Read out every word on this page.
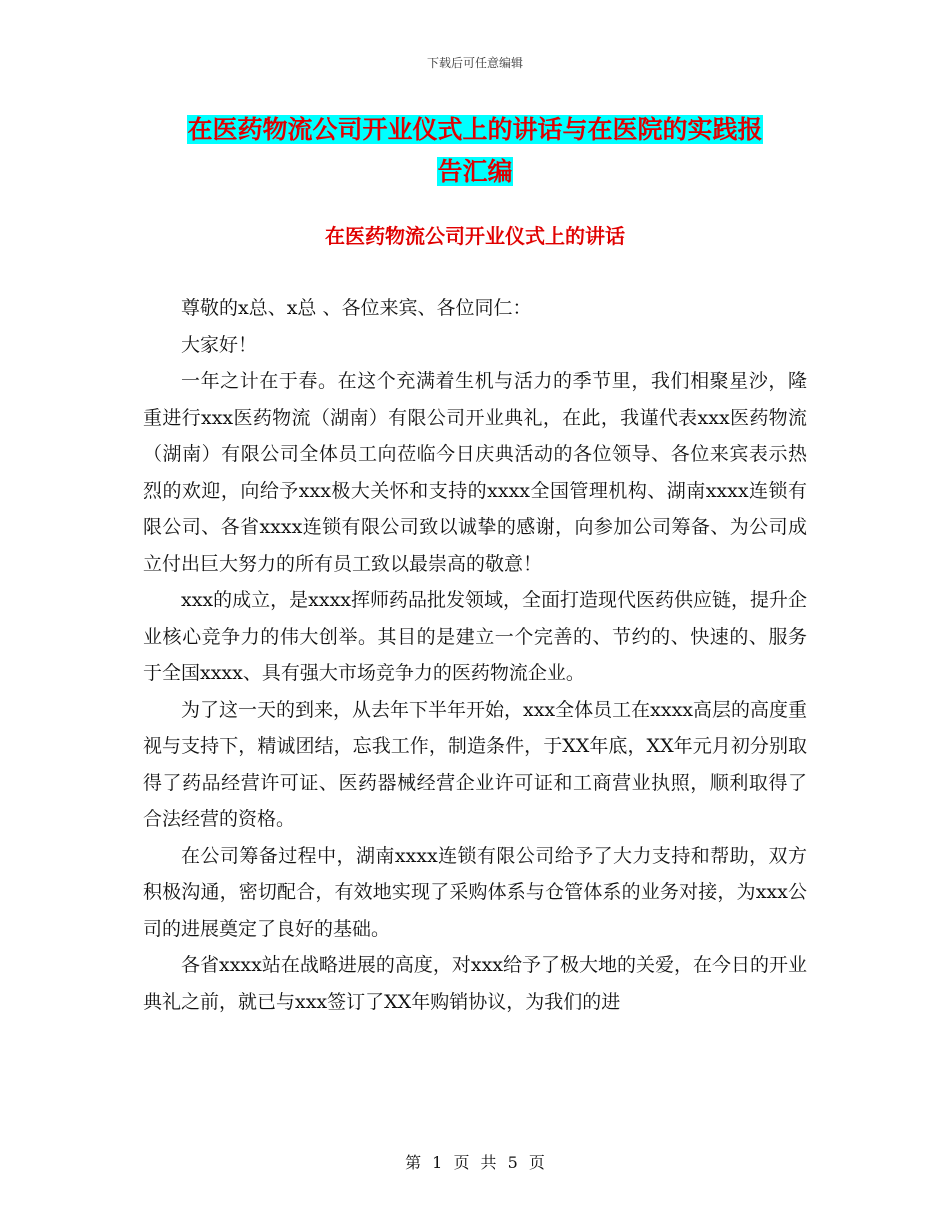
下载后可任意编辑
在医药物流公司开业仪式上的讲话与在医院的实践报
告汇编
在医药物流公司开业仪式上的讲话

尊敬的x总、x总 、各位来宾、各位同仁：

大家好！

一年之计在于春。在这个充满着生机与活力的季节里，我们相聚星沙，隆重进行xxx医药物流（湖南）有限公司开业典礼，在此，我谨代表xxx医药物流（湖南）有限公司全体员工向莅临今日庆典活动的各位领导、各位来宾表示热烈的欢迎，向给予xxx极大关怀和支持的xxxx全国管理机构、湖南xxxx连锁有限公司、各省xxxx连锁有限公司致以诚挚的感谢，向参加公司筹备、为公司成立付出巨大努力的所有员工致以最崇高的敬意！

xxx的成立，是xxxx挥师药品批发领域，全面打造现代医药供应链，提升企业核心竞争力的伟大创举。其目的是建立一个完善的、节约的、快速的、服务于全国xxxx、具有强大市场竞争力的医药物流企业。

为了这一天的到来，从去年下半年开始，xxx全体员工在xxxx高层的高度重视与支持下，精诚团结，忘我工作，制造条件，于XX年底，XX年元月初分别取得了药品经营许可证、医药器械经营企业许可证和工商营业执照，顺利取得了合法经营的资格。

在公司筹备过程中，湖南xxxx连锁有限公司给予了大力支持和帮助，双方积极沟通，密切配合，有效地实现了采购体系与仓管体系的业务对接，为xxx公司的进展奠定了良好的基础。

各省xxxx站在战略进展的高度，对xxx给予了极大地的关爱，在今日的开业典礼之前，就已与xxx签订了XX年购销协议，为我们的进

第 1 页 共 5 页
